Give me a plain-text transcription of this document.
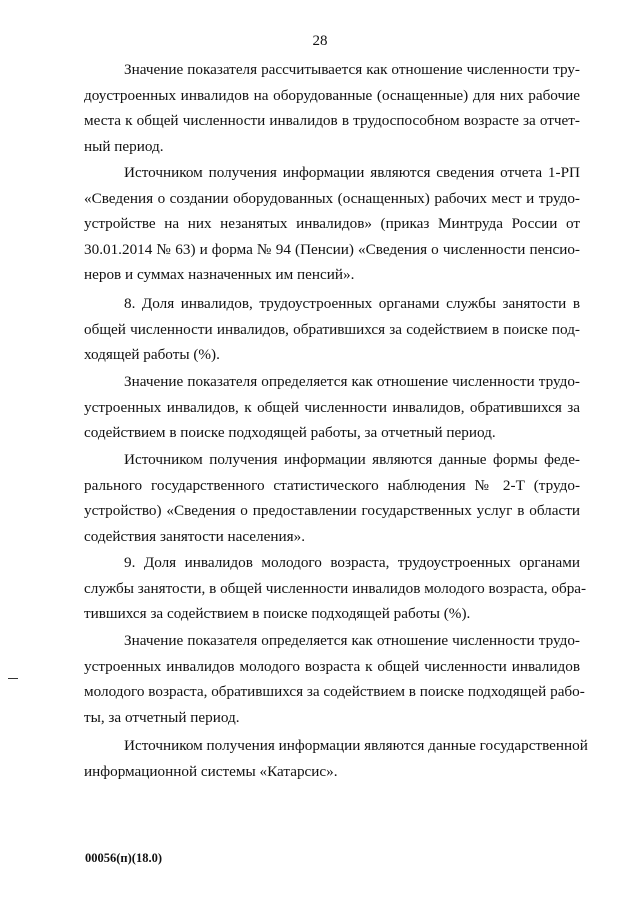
28

Значение показателя рассчитывается как отношение численности тру-
доустроенных инвалидов на оборудованные (оснащенные) для них рабочие
места к общей численности инвалидов в трудоспособном возрасте за отчет-
ный период.

Источником получения информации являются сведения отчета 1-РП
«Сведения о создании оборудованных (оснащенных) рабочих мест и трудо-
устройстве на них незанятых инвалидов» (приказ Минтруда России от
30.01.2014 № 63) и форма № 94 (Пенсии) «Сведения о численности пенсио-
неров и суммах назначенных им пенсий».

8. Доля инвалидов, трудоустроенных органами службы занятости в
общей численности инвалидов, обратившихся за содействием в поиске под-
ходящей работы (%).

Значение показателя определяется как отношение численности трудо-
устроенных инвалидов, к общей численности инвалидов, обратившихся за
содействием в поиске подходящей работы, за отчетный период.

Источником получения информации являются данные формы феде-
рального государственного статистического наблюдения № 2-Т (трудо-
устройство) «Сведения о предоставлении государственных услуг в области
содействия занятости населения».

9. Доля инвалидов молодого возраста, трудоустроенных органами
службы занятости, в общей численности инвалидов молодого возраста, обра-
тившихся за содействием в поиске подходящей работы (%).

Значение показателя определяется как отношение численности трудо-
устроенных инвалидов молодого возраста к общей численности инвалидов
молодого возраста, обратившихся за содействием в поиске подходящей рабо-
ты, за отчетный период.

Источником получения информации являются данные государственной
информационной системы «Катарсис».

00056(п)(18.0)
